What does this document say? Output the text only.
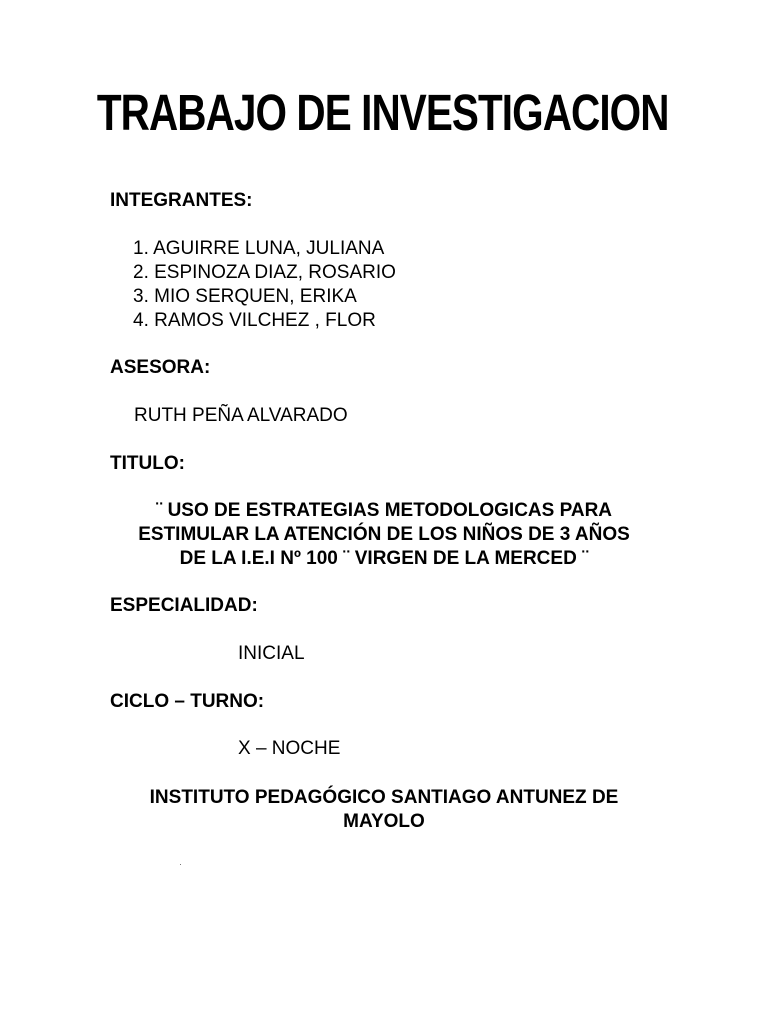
TRABAJO DE INVESTIGACION
INTEGRANTES:
1. AGUIRRE LUNA, JULIANA
2. ESPINOZA DIAZ, ROSARIO
3. MIO SERQUEN, ERIKA
4. RAMOS VILCHEZ , FLOR
ASESORA:
RUTH PEÑA ALVARADO
TITULO:
¨ USO DE ESTRATEGIAS METODOLOGICAS PARA
ESTIMULAR LA ATENCIÓN DE LOS NIÑOS DE 3 AÑOS
DE LA I.E.I Nº 100 ¨ VIRGEN DE LA MERCED ¨
ESPECIALIDAD:
INICIAL
CICLO – TURNO:
X – NOCHE
INSTITUTO PEDAGÓGICO SANTIAGO ANTUNEZ DE
MAYOLO
